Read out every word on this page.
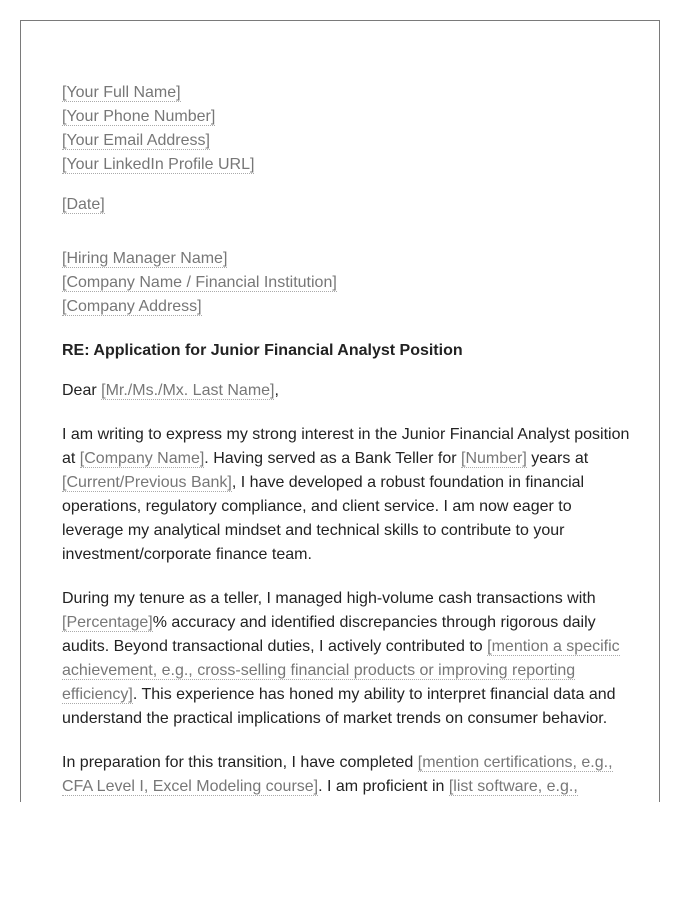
[Your Full Name]
[Your Phone Number]
[Your Email Address]
[Your LinkedIn Profile URL]
[Date]
[Hiring Manager Name]
[Company Name / Financial Institution]
[Company Address]
RE: Application for Junior Financial Analyst Position
Dear [Mr./Ms./Mx. Last Name],

I am writing to express my strong interest in the Junior Financial Analyst position at [Company Name]. Having served as a Bank Teller for [Number] years at [Current/Previous Bank], I have developed a robust foundation in financial operations, regulatory compliance, and client service. I am now eager to leverage my analytical mindset and technical skills to contribute to your investment/corporate finance team.

During my tenure as a teller, I managed high-volume cash transactions with [Percentage]% accuracy and identified discrepancies through rigorous daily audits. Beyond transactional duties, I actively contributed to [mention a specific achievement, e.g., cross-selling financial products or improving reporting efficiency]. This experience has honed my ability to interpret financial data and understand the practical implications of market trends on consumer behavior.

In preparation for this transition, I have completed [mention certifications, e.g., CFA Level I, Excel Modeling course]. I am proficient in [list software, e.g.,
